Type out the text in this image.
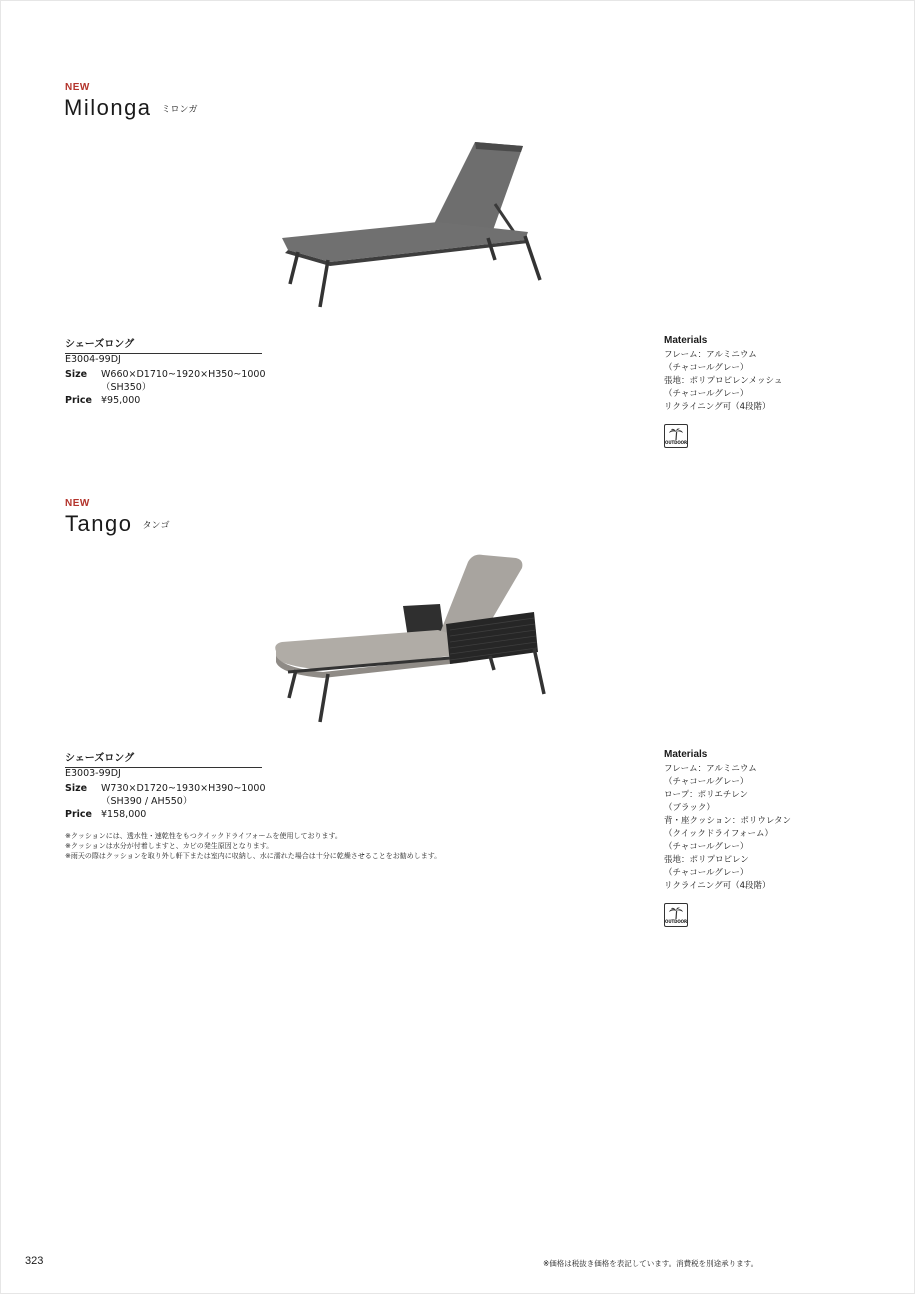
NEW
Milonga ミロンガ
シェーズロング
E3004-99DJ
Size	W660×D1710~1920×H350~1000
（SH350）
Price ¥95,000
Materials
フレーム：アルミニウム
（チャコールグレー）
張地：ポリプロピレンメッシュ
（チャコールグレー）
リクライニング可（4段階）
OUTDOOR
NEW
Tango タンゴ
シェーズロング
E3003-99DJ
Size	W730×D1720~1930×H390~1000
（SH390 / AH550）
Price ¥158,000
※クッションには、透水性・速乾性をもつクイックドライフォームを使用しております。
※クッションは水分が付着しますと、カビの発生原因となります。
※雨天の際はクッションを取り外し軒下または室内に収納し、水に濡れた場合は十分に乾燥させることをお勧めします。
Materials
フレーム：アルミニウム
（チャコールグレー）
ロープ：ポリエチレン
（ブラック）
背・座クッション：ポリウレタン
（クイックドライフォーム）
（チャコールグレー）
張地：ポリプロピレン
（チャコールグレー）
リクライニング可（4段階）
OUTDOOR
323	※価格は税抜き価格を表記しています。消費税を別途承ります。
